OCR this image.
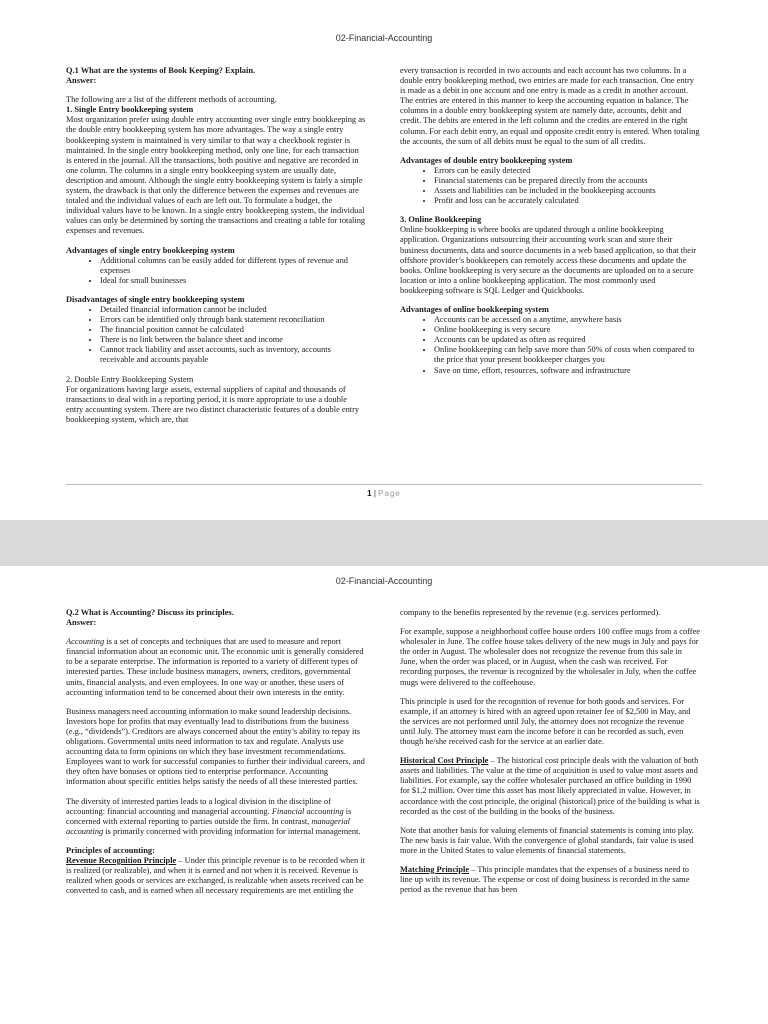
02-Financial-Accounting
Q.1 What are the systems of Book Keeping? Explain.
Answer:

The following are a list of the different methods of accounting.

1. Single Entry bookkeeping system

Most organization prefer using double entry accounting over single entry bookkeeping as the double entry bookkeeping system has more advantages. The way a single entry bookkeeping system is maintained is very similar to that way a checkbook register is maintained. In the single entry bookkeeping method, only one line, for each transaction is entered in the journal. All the transactions, both positive and negative are recorded in one column. The columns in a single entry bookkeeping system are usually date, description and amount. Although the single entry bookkeeping system is fairly a simple system, the drawback is that only the difference between the expenses and revenues are totaled and the individual values of each are left out. To formulate a budget, the individual values have to be known. In a single entry bookkeeping system, the individual values can only be determined by sorting the transactions and creating a table for totaling expenses and revenues.

Advantages of single entry bookkeeping system
• Additional columns can be easily added for different types of revenue and expenses
• Ideal for small businesses
Disadvantages of single entry bookkeeping system
• Detailed financial information cannot be included
• Errors can be identified only through bank statement reconciliation
• The financial position cannot be calculated
• There is no link between the balance sheet and income
• Cannot track liability and asset accounts, such as inventory, accounts receivable and accounts payable
2. Double Entry Bookkeeping System

For organizations having large assets, external suppliers of capital and thousands of transactions to deal with in a reporting period, it is more appropriate to use a double entry accounting system. There are two distinct characteristic features of a double entry bookkeeping system, which are, that

every transaction is recorded in two accounts and each account has two columns. In a double entry bookkeeping method, two entries are made for each transaction. One entry is made as a debit in one account and one entry is made as a credit in another account. The entries are entered in this manner to keep the accounting equation in balance. The columns in a double entry bookkeeping system are namely date, accounts, debit and credit. The debits are entered in the left column and the credits are entered in the right column. For each debit entry, an equal and opposite credit entry is entered. When totaling the accounts, the sum of all debits must be equal to the sum of all credits.

Advantages of double entry bookkeeping system
• Errors can be easily detected
• Financial statements can be prepared directly from the accounts
• Assets and liabilities can be included in the bookkeeping accounts
• Profit and loss can be accurately calculated
3. Online Bookkeeping

Online bookkeeping is where books are updated through a online bookkeeping application. Organizations outsourcing their accounting work scan and store their business documents, data and source documents in a web based application, so that their offshore provider’s bookkeepers can remotely access these documents and update the books. Online bookkeeping is very secure as the documents are uploaded on to a secure location or into a online bookkeeping application. The most commonly used bookkeeping software is SQL Ledger and Quickbooks.

Advantages of online bookkeeping system
• Accounts can be accessed on a anytime, anywhere basis
• Online bookkeeping is very secure
• Accounts can be updated as often as required
• Online bookkeeping can help save more than 50% of costs when compared to the price that your present bookkeeper charges you
• Save on time, effort, resources, software and infrastructure
1 | Page
02-Financial-Accounting
Q.2 What is Accounting? Discuss its principles.
Answer:

Accounting is a set of concepts and techniques that are used to measure and report financial information about an economic unit. The economic unit is generally considered to be a separate enterprise. The information is reported to a variety of different types of interested parties. These include business managers, owners, creditors, governmental units, financial analysts, and even employees. In one way or another, these users of accounting information tend to be concerned about their own interests in the entity.

Business managers need accounting information to make sound leadership decisions. Investors hope for profits that may eventually lead to distributions from the business (e.g., “dividends”). Creditors are always concerned about the entity’s ability to repay its obligations. Governmental units need information to tax and regulate. Analysts use accounting data to form opinions on which they base investment recommendations. Employees want to work for successful companies to further their individual careers, and they often have bonuses or options tied to enterprise performance. Accounting information about specific entities helps satisfy the needs of all these interested parties.

The diversity of interested parties leads to a logical division in the discipline of accounting: financial accounting and managerial accounting. Financial accounting is concerned with external reporting to parties outside the firm. In contrast, managerial accounting is primarily concerned with providing information for internal management.

Principles of accounting:

Revenue Recognition Principle – Under this principle revenue is to be recorded when it is realized (or realizable), and when it is earned and not when it is received. Revenue is realized when goods or services are exchanged, is realizable when assets received can be converted to cash, and is earned when all necessary requirements are met entitling the

company to the benefits represented by the revenue (e.g. services performed).

For example, suppose a neighborhood coffee house orders 100 coffee mugs from a coffee wholesaler in June. The coffee house takes delivery of the new mugs in July and pays for the order in August. The wholesaler does not recognize the revenue from this sale in June, when the order was placed, or in August, when the cash was received. For recording purposes, the revenue is recognized by the wholesaler in July, when the coffee mugs were delivered to the coffeehouse.

This principle is used for the recognition of revenue for both goods and services. For example, if an attorney is hired with an agreed upon retainer fee of $2,500 in May, and the services are not performed until July, the attorney does not recognize the revenue until July. The attorney must earn the income before it can be recorded as such, even though he/she received cash for the service at an earlier date.

Historical Cost Principle – The historical cost principle deals with the valuation of both assets and liabilities. The value at the time of acquisition is used to value most assets and liabilities. For example, say the coffee wholesaler purchased an office building in 1990 for $1.2 million. Over time this asset has most likely appreciated in value. However, in accordance with the cost principle, the original (historical) price of the building is what is recorded as the cost of the building in the books of the business.

Note that another basis for valuing elements of financial statements is coming into play. The new basis is fair value. With the convergence of global standards, fair value is used more in the United States to value elements of financial statements.

Matching Principle – This principle mandates that the expenses of a business need to line up with its revenue. The expense or cost of doing business is recorded in the same period as the revenue that has been
